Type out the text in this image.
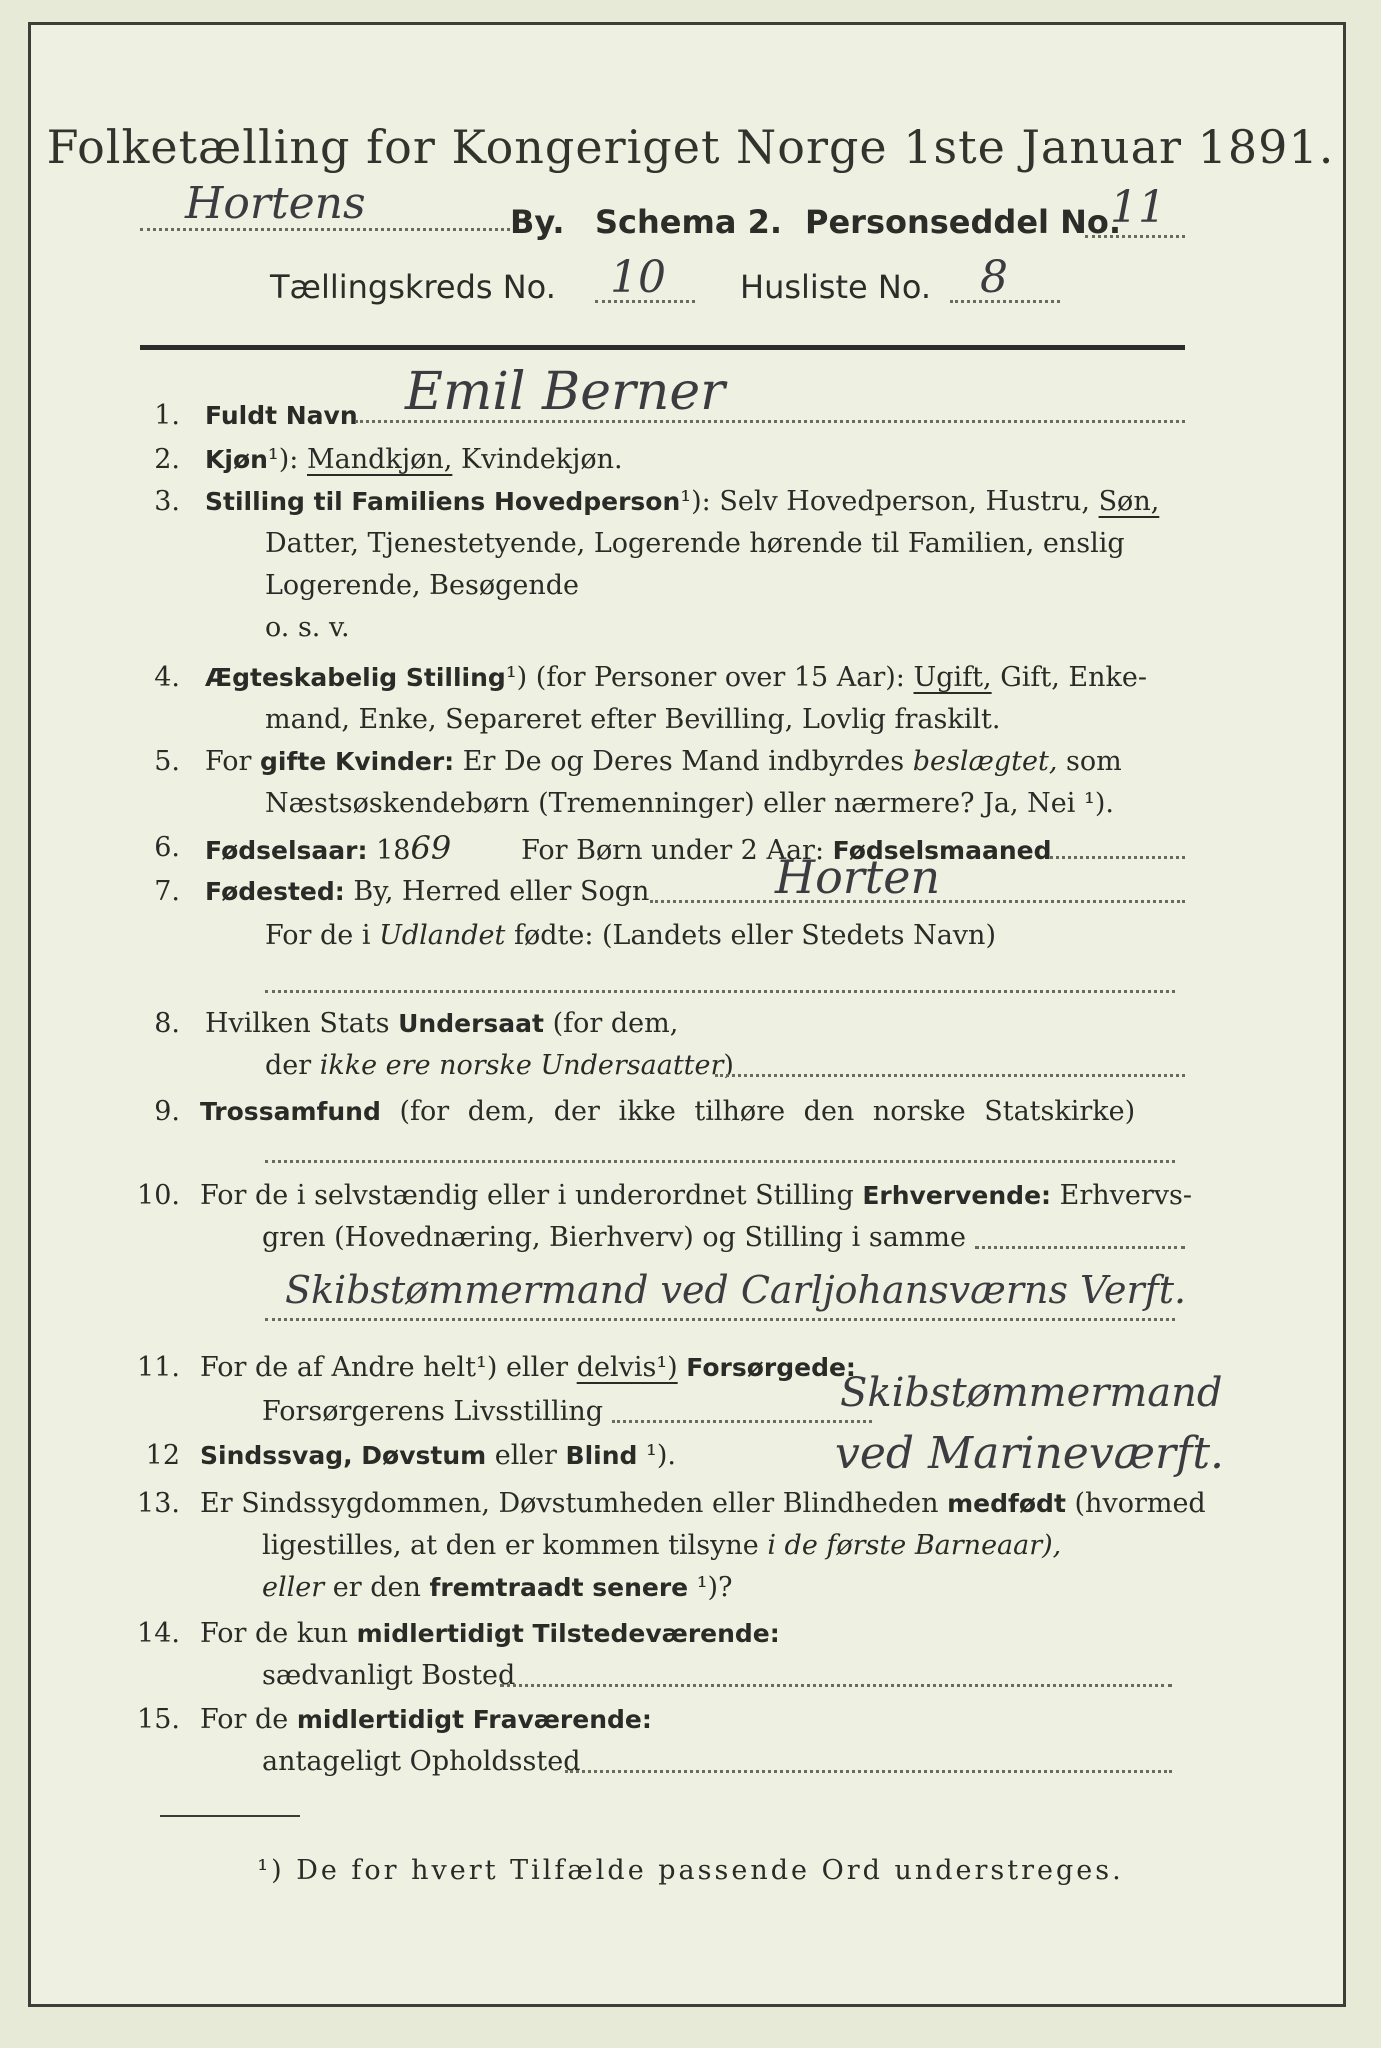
Folketælling for Kongeriget Norge 1ste Januar 1891.
Hortens	By. Schema 2. Personseddel No.
11
Tællingskreds No. 10 Husliste No. 8
1. Fuldt Navn Emil Berner
2. Kjøn¹): Mandkjøn, Kvindekjøn.
3. Stilling til Familiens Hovedperson¹): Selv Hovedperson, Hustru, Søn,
Datter, Tjenestetyende, Logerende hørende til Familien, enslig
Logerende, Besøgende
o. s. v.
4. Ægteskabelig Stilling¹) (for Personer over 15 Aar): Ugift, Gift, Enke-
mand, Enke, Separeret efter Bevilling, Lovlig fraskilt.
5. For gifte Kvinder: Er De og Deres Mand indbyrdes beslægtet, som
Næstsøskendebørn (Tremenninger) eller nærmere? Ja, Nei ¹).
6. Fødselsaar: 1869	For Børn under 2 Aar: Fødselsmaaned
7. Fødested: By, Herred eller Sogn	Horten
For de i Udlandet fødte: (Landets eller Stedets Navn)
8. Hvilken Stats Undersaat (for dem,
der ikke ere norske Undersaatter)
9. Trossamfund (for dem, der ikke tilhøre den norske Statskirke)
10. For de i selvstændig eller i underordnet Stilling Erhvervende: Erhvervs-
gren (Hovednæring, Bierhverv) og Stilling i samme
Skibstømmermand ved Carljohansværns Verft.
11. For de af Andre helt¹) eller delvis¹) Forsørgede:
Forsørgerens Livsstilling	Skibstømmermand
ved Marineværft.
12 Sindssvag, Døvstum eller Blind ¹).
13. Er Sindssygdommen, Døvstumheden eller Blindheden medfødt (hvormed
ligestilles, at den er kommen tilsyne i de første Barneaar),
eller er den fremtraadt senere ¹)?
14. For de kun midlertidigt Tilstedeværende:
sædvanligt Bosted
15. For de midlertidigt Fraværende:
antageligt Opholdssted
¹) De for hvert Tilfælde passende Ord understreges.
